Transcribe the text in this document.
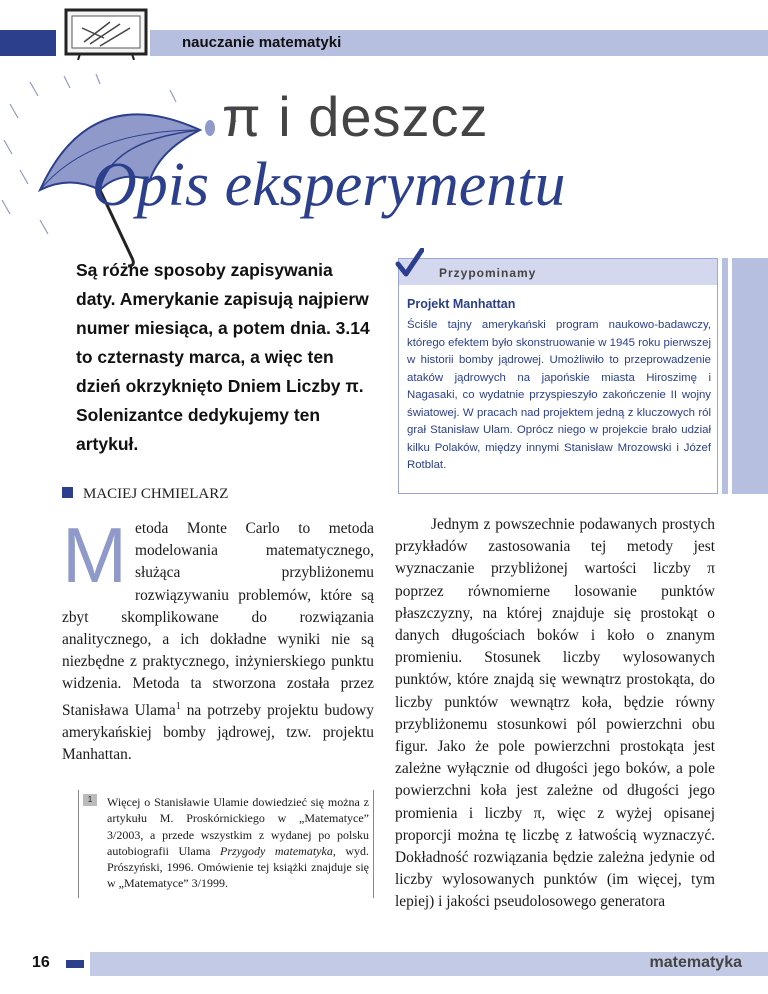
nauczanie matematyki
π i deszcz
Opis eksperymentu
Są różne sposoby zapisywania daty. Amerykanie zapisują najpierw numer miesiąca, a potem dnia. 3.14 to czternasty marca, a więc ten dzień okrzyknięto Dniem Liczby π. Solenizantce dedykujemy ten artykuł.
MACIEJ CHMIELARZ
Przypominamy
Projekt Manhattan
Ściśle tajny amerykański program naukowo-badawczy, którego efektem było skonstruowanie w 1945 roku pierwszej w historii bomby jądrowej. Umożliwiło to przeprowadzenie ataków jądrowych na japońskie miasta Hiroszimę i Nagasaki, co wydatnie przyspieszyło zakończenie II wojny światowej. W pracach nad projektem jedną z kluczowych ról grał Stanisław Ulam. Oprócz niego w projekcie brało udział kilku Polaków, między innymi Stanisław Mrozowski i Józef Rotblat.
Metoda Monte Carlo to metoda modelowania matematycznego, służąca przybliżonemu rozwiązywaniu problemów, które są zbyt skomplikowane do rozwiązania analitycznego, a ich dokładne wyniki nie są niezbędne z praktycznego, inżynierskiego punktu widzenia. Metoda ta stworzona została przez Stanisława Ulama$^1$ na potrzeby projektu budowy amerykańskiej bomby jądrowej, tzw. projektu Manhattan.
1	Więcej o Stanisławie Ulamie dowiedzieć się można z artykułu M. Proskórnickiego w „Matematyce” 3/2003, a przede wszystkim z wydanej po polsku autobiografii Ulama Przygody matematyka, wyd. Prószyński, 1996. Omówienie tej książki znajduje się w „Matematyce” 3/1999.
Jednym z powszechnie podawanych prostych przykładów zastosowania tej metody jest wyznaczanie przybliżonej wartości liczby π poprzez równomierne losowanie punktów płaszczyzny, na której znajduje się prostokąt o danych długościach boków i koło o znanym promieniu. Stosunek liczby wylosowanych punktów, które znajdą się wewnątrz prostokąta, do liczby punktów wewnątrz koła, będzie równy przybliżonemu stosunkowi pól powierzchni obu figur. Jako że pole powierzchni prostokąta jest zależne wyłącznie od długości jego boków, a pole powierzchni koła jest zależne od długości jego promienia i liczby π, więc z wyżej opisanej proporcji można tę liczbę z łatwością wyznaczyć. Dokładność rozwiązania będzie zależna jedynie od liczby wylosowanych punktów (im więcej, tym lepiej) i jakości pseudolosowego generatora
16	matematyka
